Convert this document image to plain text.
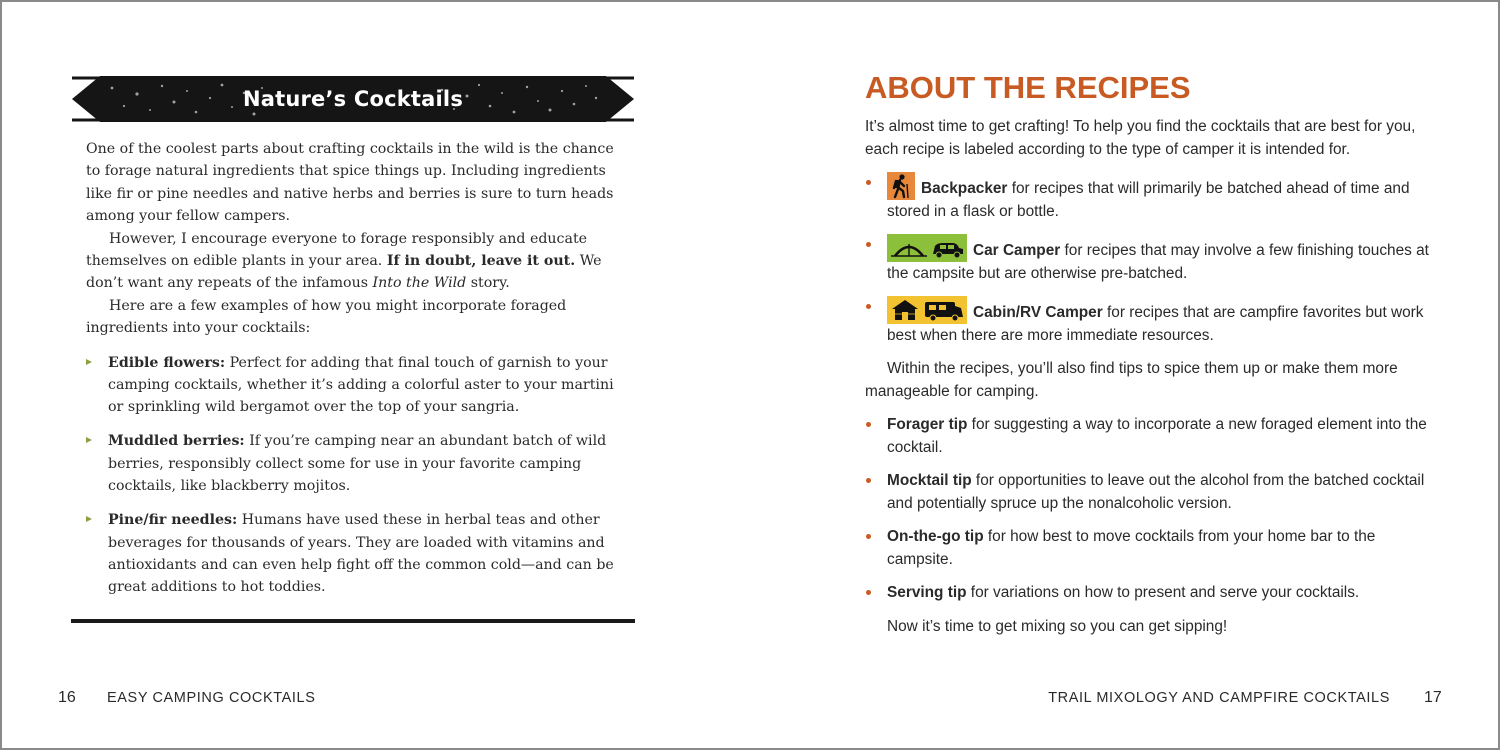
Nature’s Cocktails

One of the coolest parts about crafting cocktails in the wild is the chance to forage natural ingredients that spice things up. Including ingredients like fir or pine needles and native herbs and berries is sure to turn heads among your fellow campers.

However, I encourage everyone to forage responsibly and educate themselves on edible plants in your area. If in doubt, leave it out. We don’t want any repeats of the infamous Into the Wild story.

Here are a few examples of how you might incorporate foraged ingredients into your cocktails:

Edible flowers: Perfect for adding that final touch of garnish to your camping cocktails, whether it’s adding a colorful aster to your martini or sprinkling wild bergamot over the top of your sangria.
Muddled berries: If you’re camping near an abundant batch of wild berries, responsibly collect some for use in your favorite camping cocktails, like blackberry mojitos.
Pine/fir needles: Humans have used these in herbal teas and other beverages for thousands of years. They are loaded with vitamins and antioxidants and can even help fight off the common cold—and can be great additions to hot toddies.
16 EASY CAMPING COCKTAILS
ABOUT THE RECIPES

It’s almost time to get crafting! To help you find the cocktails that are best for you, each recipe is labeled according to the type of camper it is intended for.

Backpacker for recipes that will primarily be batched ahead of time and stored in a flask or bottle.
Car Camper for recipes that may involve a few finishing touches at the campsite but are otherwise pre-batched.
Cabin/RV Camper for recipes that are campfire favorites but work best when there are more immediate resources.

Within the recipes, you’ll also find tips to spice them up or make them more manageable for camping.

Forager tip for suggesting a way to incorporate a new foraged element into the cocktail.
Mocktail tip for opportunities to leave out the alcohol from the batched cocktail and potentially spruce up the nonalcoholic version.
On-the-go tip for how best to move cocktails from your home bar to the campsite.
Serving tip for variations on how to present and serve your cocktails.

Now it’s time to get mixing so you can get sipping!

TRAIL MIXOLOGY AND CAMPFIRE COCKTAILS 17
